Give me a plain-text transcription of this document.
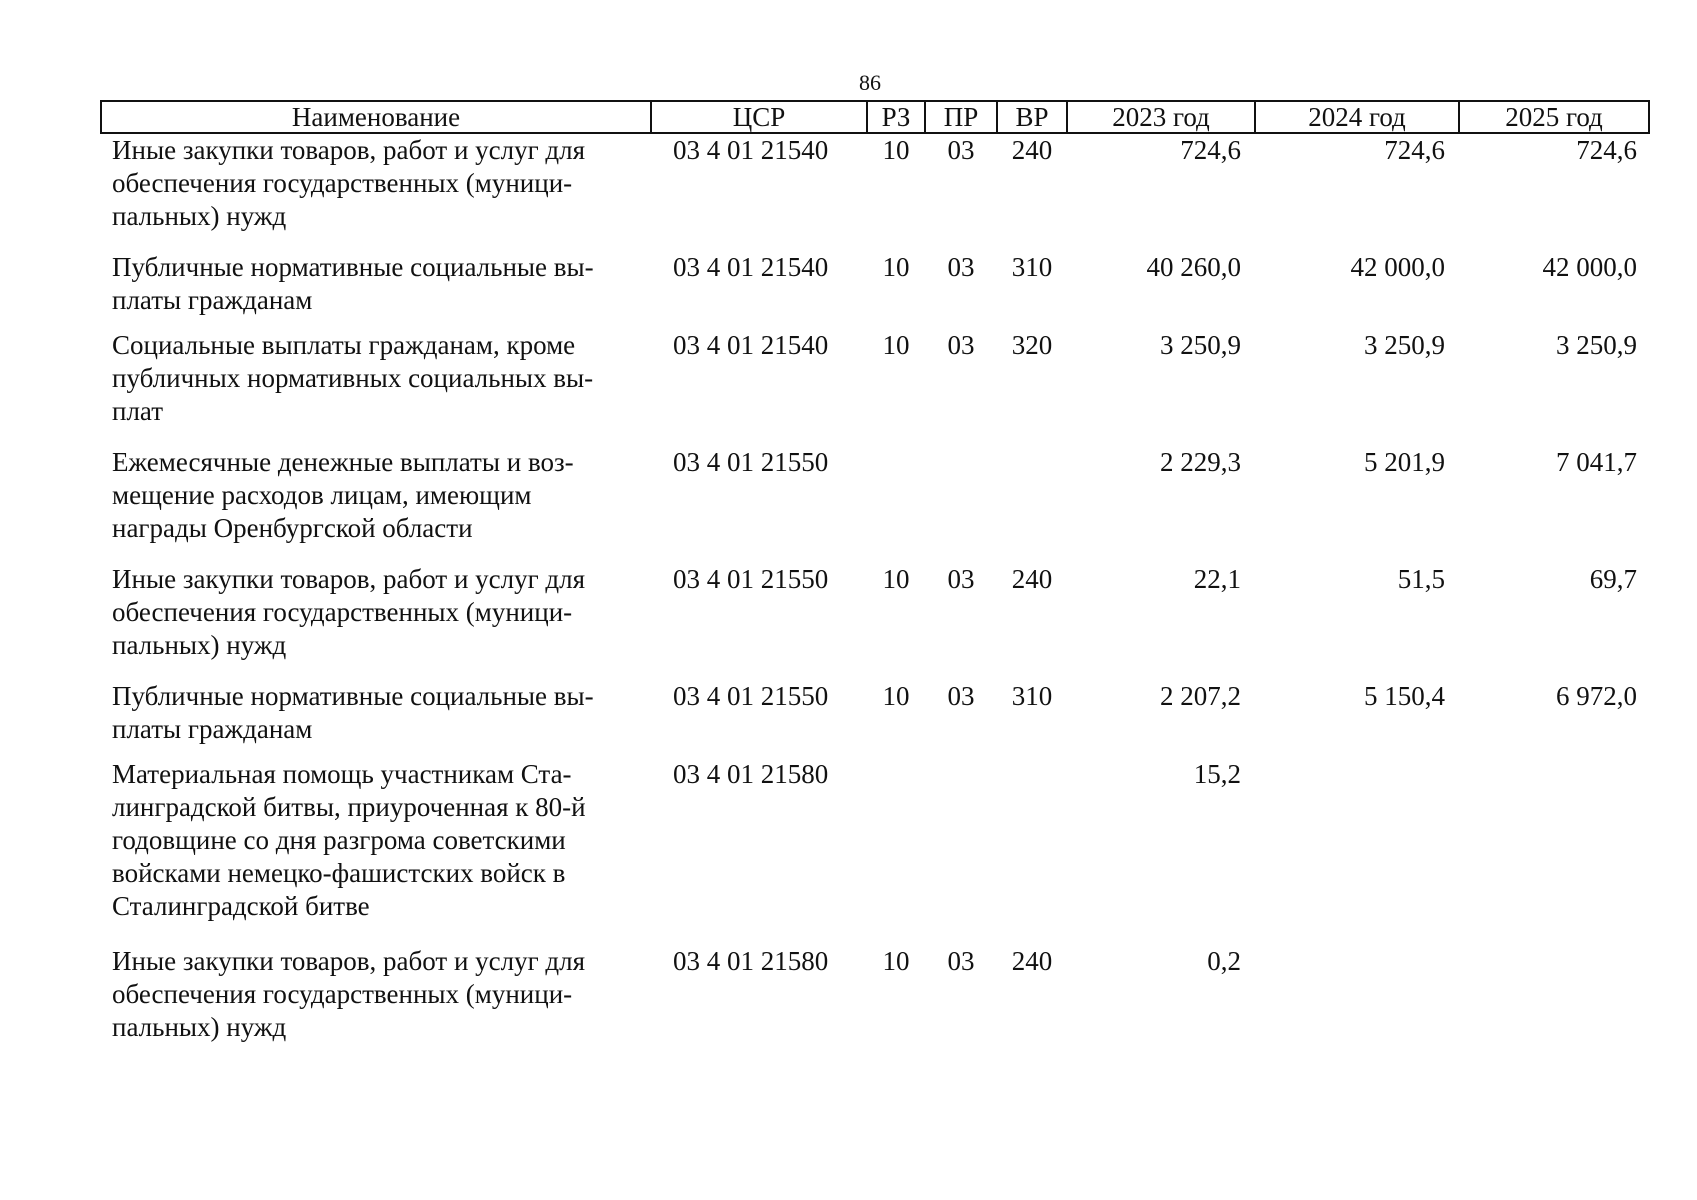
86
Наименование	ЦСР	РЗ	ПР	ВР	2023 год	2024 год	2025 год
Иные закупки товаров, работ и услуг для
обеспечения государственных (муници-
пальных) нужд	03 4 01 21540	10	03	240	724,6	724,6	724,6
Публичные нормативные социальные вы-
платы гражданам	03 4 01 21540	10	03	310	40 260,0	42 000,0	42 000,0
Социальные выплаты гражданам, кроме
публичных нормативных социальных вы-
плат	03 4 01 21540	10	03	320	3 250,9	3 250,9	3 250,9
Ежемесячные денежные выплаты и воз-
мещение расходов лицам, имеющим
награды Оренбургской области	03 4 01 21550				2 229,3	5 201,9	7 041,7
Иные закупки товаров, работ и услуг для
обеспечения государственных (муници-
пальных) нужд	03 4 01 21550	10	03	240	22,1	51,5	69,7
Публичные нормативные социальные вы-
платы гражданам	03 4 01 21550	10	03	310	2 207,2	5 150,4	6 972,0
Материальная помощь участникам Ста-
линградской битвы, приуроченная к 80-й
годовщине со дня разгрома советскими
войсками немецко-фашистских войск в
Сталинградской битве	03 4 01 21580				15,2		
Иные закупки товаров, работ и услуг для
обеспечения государственных (муници-
пальных) нужд	03 4 01 21580	10	03	240	0,2		
